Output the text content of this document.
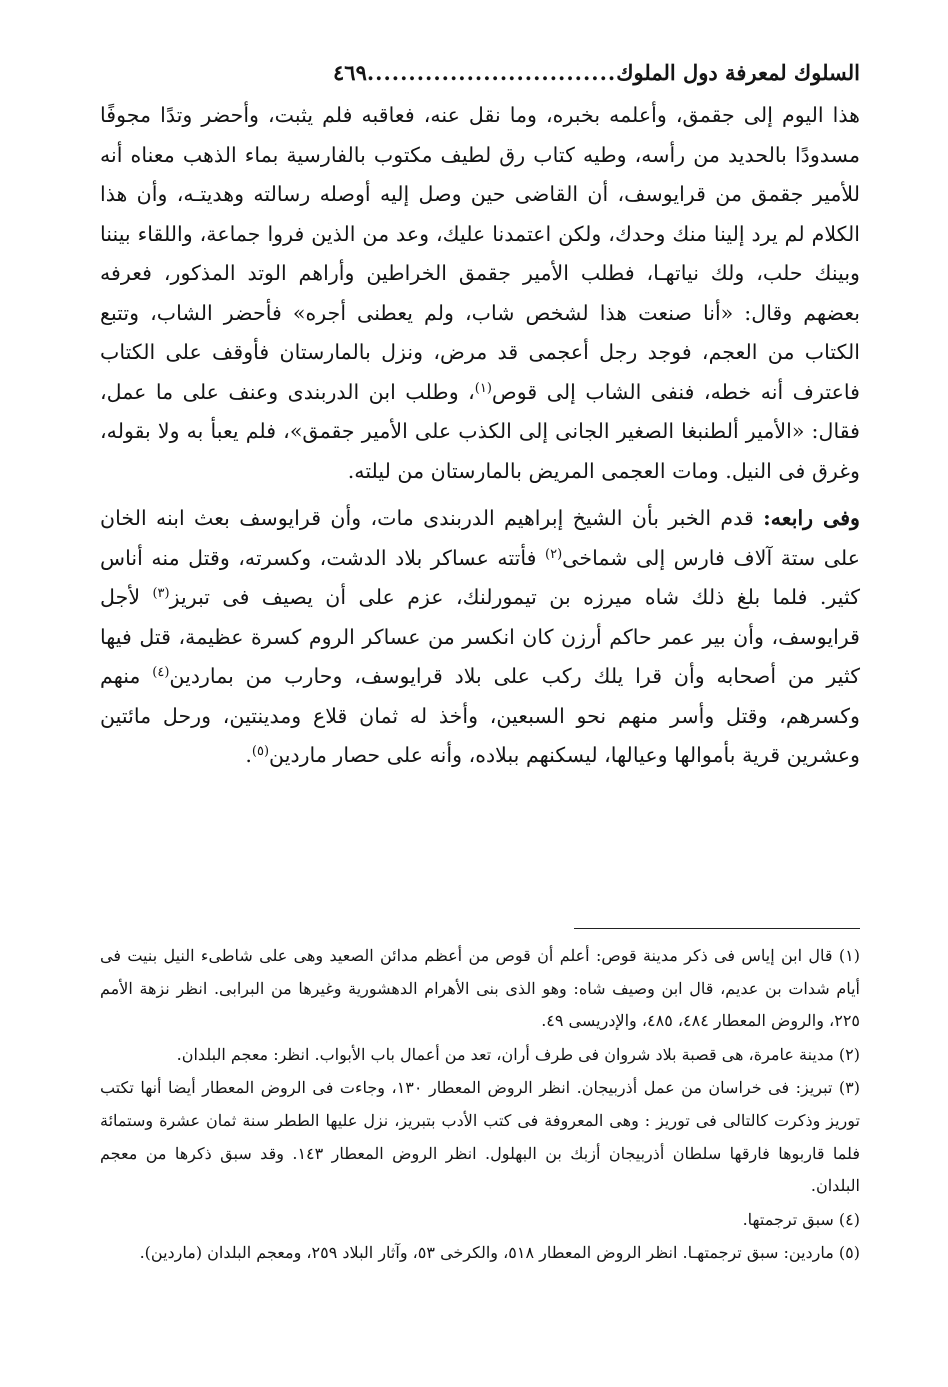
السلوك لمعرفة دول الملوك
..............................
٤٦٩

هذا اليوم إلى جقمق، وأعلمه بخبره، وما نقل عنه، فعاقبه فلم يثبت، وأحضر وتدًا مجوفًا مسدودًا بالحديد من رأسه، وطيه كتاب رق لطيف مكتوب بالفارسية بماء الذهب معناه أنه للأمير جقمق من قرايوسف، أن القاضى حين وصل إليه أوصله رسالته وهديتـه، وأن هذا الكلام لم يرد إلينا منك وحدك، ولكن اعتمدنا عليك، وعد من الذين فروا جماعة، واللقاء بيننا وبينك حلب، ولك نياتهـا، فطلب الأمير جقمق الخراطين وأراهم الوتد المذكور، فعرفه بعضهم وقال: «أنا صنعت هذا لشخص شاب، ولم يعطنى أجره» فأحضر الشاب، وتتبع الكتاب من العجم، فوجد رجل أعجمى قد مرض، ونزل بالمارستان فأوقف على الكتاب فاعترف أنه خطه، فنفى الشاب إلى قوص$^{(١)}$، وطلب ابن الدربندى وعنف على ما عمل، فقال: «الأمير ألطنبغا الصغير الجانى إلى الكذب على الأمير جقمق»، فلم يعبأ به ولا بقوله، وغرق فى النيل. ومات العجمى المريض بالمارستان من ليلته.

وفى رابعه: قدم الخبر بأن الشيخ إبراهيم الدربندى مات، وأن قرايوسف بعث ابنه الخان على ستة آلاف فارس إلى شماخى$^{(٢)}$ فأتته عساكر بلاد الدشت، وكسرته، وقتل منه أناس كثير. فلما بلغ ذلك شاه ميرزه بن تيمورلنك، عزم على أن يصيف فى تبريز$^{(٣)}$ لأجل قرايوسف، وأن بير عمر حاكم أرزن كان انكسر من عساكر الروم كسرة عظيمة، قتل فيها كثير من أصحابه وأن قرا يلك ركب على بلاد قرايوسف، وحارب من بماردين$^{(٤)}$ منهم وكسرهم، وقتل وأسر منهم نحو السبعين، وأخذ له ثمان قلاع ومدينتين، ورحل مائتين وعشرين قرية بأموالها وعيالها، ليسكنهم ببلاده، وأنه على حصار ماردين$^{(٥)}$.

(١) قال ابن إياس فى ذكر مدينة قوص: أعلم أن قوص من أعظم مدائن الصعيد وهى على شاطىء النيل بنيت فى أيام شدات بن عديم، قال ابن وصيف شاه: وهو الذى بنى الأهرام الدهشورية وغيرها من البرابى. انظر نزهة الأمم ٢٢٥، والروض المعطار ٤٨٤، ٤٨٥، والإدريسى ٤٩.

(٢) مدينة عامرة، هى قصبة بلاد شروان فى طرف أران، تعد من أعمال باب الأبواب. انظر: معجم البلدان.

(٣) تبريز: فى خراسان من عمل أذربيجان. انظر الروض المعطار ١٣٠، وجاءت فى الروض المعطار أيضا أنها تكتب توريز وذكرت كالتالى فى توريز : وهى المعروفة فى كتب الأدب بتبريز، نزل عليها الططر سنة ثمان عشرة وستمائة فلما قاربوها فارقها سلطان أذربيجان أزبك بن البهلول. انظر الروض المعطار ١٤٣. وقد سبق ذكرها من معجم البلدان.

(٤) سبق ترجمتها.

(٥) ماردين: سبق ترجمتهـا. انظر الروض المعطار ٥١٨، والكرخى ٥٣، وآثار البلاد ٢٥٩، ومعجم البلدان (ماردين).
